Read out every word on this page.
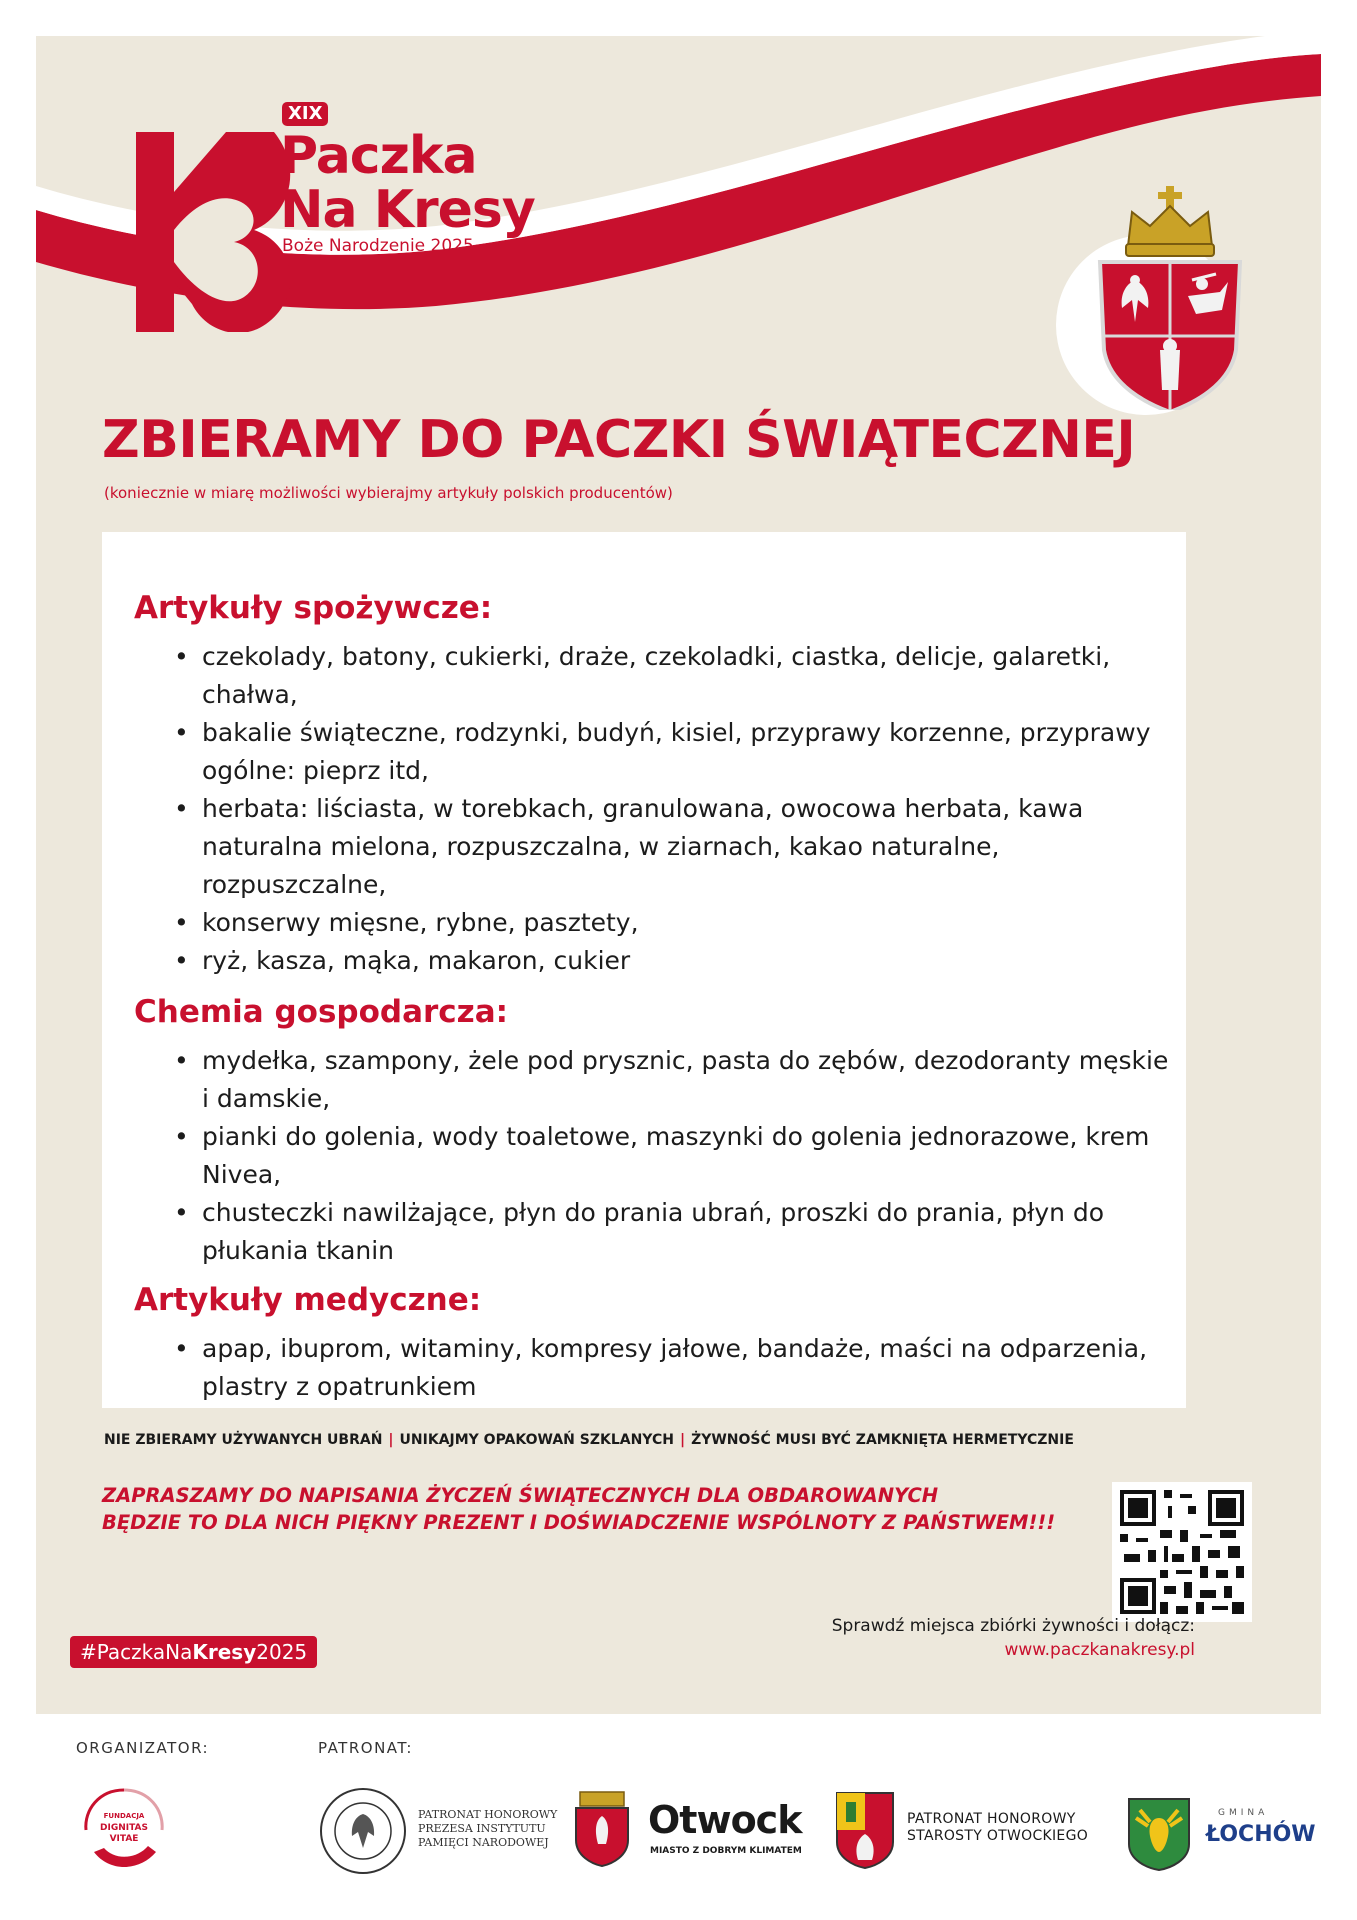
XIX
Paczka
Na Kresy
Boże Narodzenie 2025
ZBIERAMY DO PACZKI ŚWIĄTECZNEJ
(koniecznie w miarę możliwości wybierajmy artykuły polskich producentów)
Artykuły spożywcze:
• czekolady, batony, cukierki, draże, czekoladki, ciastka, delicje, galaretki, chałwa,
• bakalie świąteczne, rodzynki, budyń, kisiel, przyprawy korzenne, przyprawy ogólne: pieprz itd,
• herbata: liściasta, w torebkach, granulowana, owocowa herbata, kawa naturalna mielona, rozpuszczalna, w ziarnach, kakao naturalne, rozpuszczalne,
• konserwy mięsne, rybne, pasztety,
• ryż, kasza, mąka, makaron, cukier
Chemia gospodarcza:
• mydełka, szampony, żele pod prysznic, pasta do zębów, dezodoranty męskie i damskie,
• pianki do golenia, wody toaletowe, maszynki do golenia jednorazowe, krem Nivea,
• chusteczki nawilżające, płyn do prania ubrań, proszki do prania, płyn do płukania tkanin
Artykuły medyczne:
• apap, ibuprom, witaminy, kompresy jałowe, bandaże, maści na odparzenia, plastry z opatrunkiem
NIE ZBIERAMY UŻYWANYCH UBRAŃ | UNIKAJMY OPAKOWAŃ SZKLANYCH | ŻYWNOŚĆ MUSI BYĆ ZAMKNIĘTA HERMETYCZNIE
ZAPRASZAMY DO NAPISANIA ŻYCZEŃ ŚWIĄTECZNYCH DLA OBDAROWANYCH
BĘDZIE TO DLA NICH PIĘKNY PREZENT I DOŚWIADCZENIE WSPÓLNOTY Z PAŃSTWEM!!!
Sprawdź miejsca zbiórki żywności i dołącz:
www.paczkanakresy.pl
#PaczkaNaKresy2025
ORGANIZATOR:	PATRONAT:
FUNDACJA
DIGNITAS
VITAE
PATRONAT HONOROWY
PREZESA INSTYTUTU
PAMIĘCI NARODOWEJ
Otwock
MIASTO Z DOBRYM KLIMATEM
PATRONAT HONOROWY
STAROSTY OTWOCKIEGO
GMINA
ŁOCHÓW
